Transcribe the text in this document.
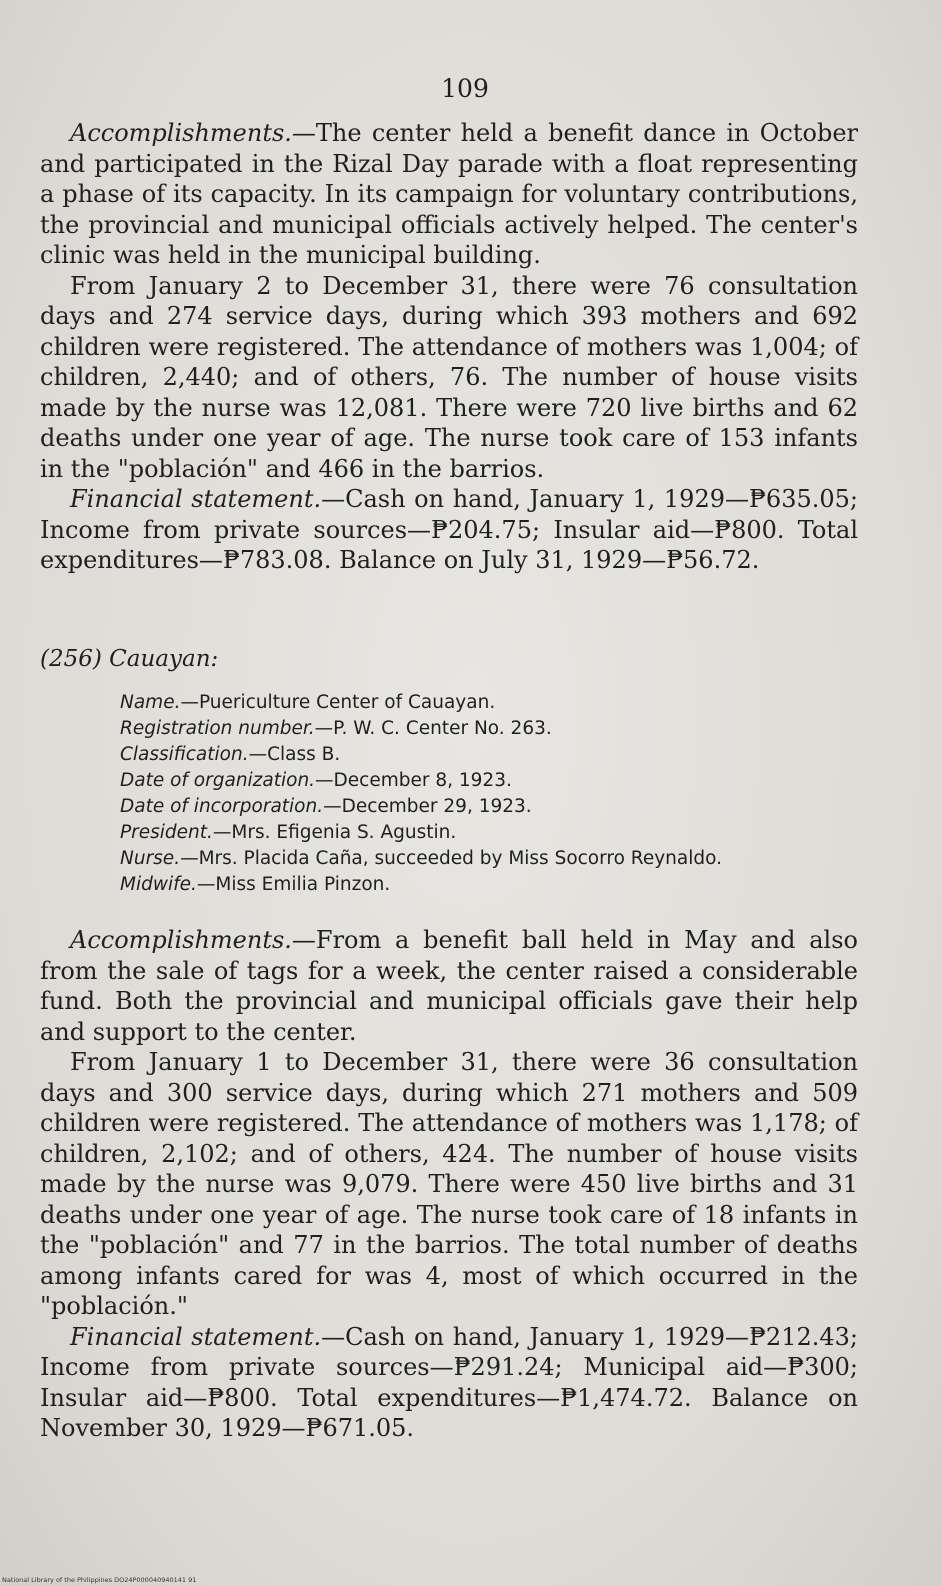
109

Accomplishments.—The center held a benefit dance in October and participated in the Rizal Day parade with a float representing a phase of its capacity. In its campaign for voluntary contributions, the provincial and municipal officials actively helped. The center's clinic was held in the municipal building.

From January 2 to December 31, there were 76 consultation days and 274 service days, during which 393 mothers and 692 children were registered. The attendance of mothers was 1,004; of children, 2,440; and of others, 76. The number of house visits made by the nurse was 12,081. There were 720 live births and 62 deaths under one year of age. The nurse took care of 153 infants in the "población" and 466 in the barrios.

Financial statement.—Cash on hand, January 1, 1929—₱635.05; Income from private sources—₱204.75; Insular aid—₱800. Total expenditures—₱783.08. Balance on July 31, 1929—₱56.72.

(256) Cauayan:
Name.—Puericulture Center of Cauayan.
Registration number.—P. W. C. Center No. 263.
Classification.—Class B.
Date of organization.—December 8, 1923.
Date of incorporation.—December 29, 1923.
President.—Mrs. Efigenia S. Agustin.
Nurse.—Mrs. Placida Caña, succeeded by Miss Socorro Reynaldo.
Midwife.—Miss Emilia Pinzon.

Accomplishments.—From a benefit ball held in May and also from the sale of tags for a week, the center raised a considerable fund. Both the provincial and municipal officials gave their help and support to the center.

From January 1 to December 31, there were 36 consultation days and 300 service days, during which 271 mothers and 509 children were registered. The attendance of mothers was 1,178; of children, 2,102; and of others, 424. The number of house visits made by the nurse was 9,079. There were 450 live births and 31 deaths under one year of age. The nurse took care of 18 infants in the "población" and 77 in the barrios. The total number of deaths among infants cared for was 4, most of which occurred in the "población."

Financial statement.—Cash on hand, January 1, 1929—₱212.43; Income from private sources—₱291.24; Municipal aid—₱300; Insular aid—₱800. Total expenditures—₱1,474.72. Balance on November 30, 1929—₱671.05.

National Library of the Philippines DO24P000040940141 91
